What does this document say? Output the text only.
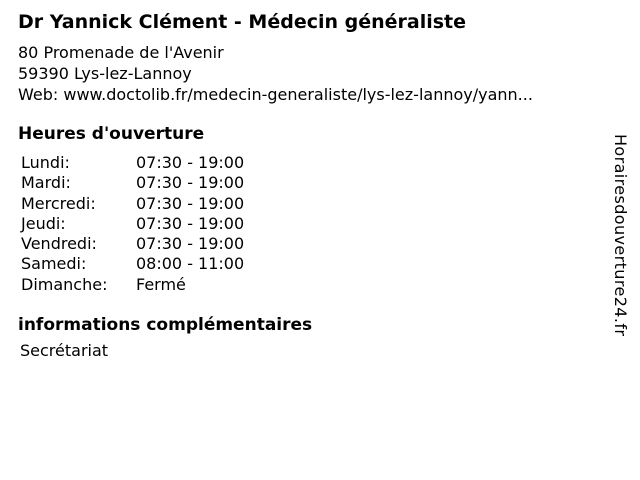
Dr Yannick Clément - Médecin généraliste
80 Promenade de l'Avenir
59390 Lys-lez-Lannoy
Web: www.doctolib.fr/medecin-generaliste/lys-lez-lannoy/yann...
Heures d'ouverture
Lundi:	07:30 - 19:00
Mardi:	07:30 - 19:00
Mercredi:	07:30 - 19:00
Jeudi:	07:30 - 19:00
Vendredi:	07:30 - 19:00
Samedi:	08:00 - 11:00
Dimanche:	Fermé
informations complémentaires
Secrétariat
Horairesdouverture24.fr
